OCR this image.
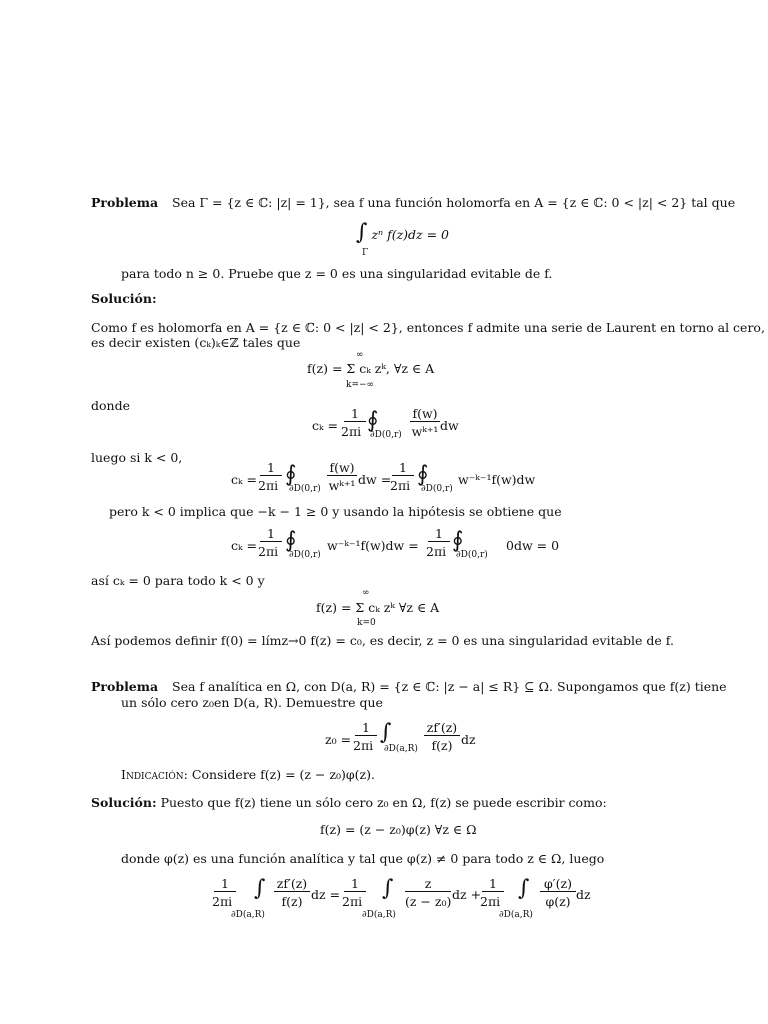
Problema Sea Γ = {z ∈ ℂ: |z| = 1}, sea f una función holomorfa en A = {z ∈ ℂ: 0 < |z| < 2} tal que
∫ zⁿ f(z)dz = 0
Γ
para todo n ≥ 0. Pruebe que z = 0 es una singularidad evitable de f.
Solución:
Como f es holomorfa en A = {z ∈ ℂ: 0 < |z| < 2}, entonces f admite una serie de Laurent en torno al cero,
es decir existen (cₖ)ₖ∈ℤ tales que
∞
f(z) = Σ cₖ zᵏ, ∀z ∈ A
k=−∞
donde
cₖ =
1
2πi ∮
∂D(0,r)
f(w)
wᵏ⁺¹ dw
luego si k < 0,
cₖ =
1
2πi ∮
∂D(0,r)
f(w)
wᵏ⁺¹ dw =
1
2πi ∮
∂D(0,r)
w⁻ᵏ⁻¹f(w)dw
pero k < 0 implica que −k − 1 ≥ 0 y usando la hipótesis se obtiene que
cₖ =
1
2πi ∮
∂D(0,r)
w⁻ᵏ⁻¹f(w)dw =
1
2πi ∮
∂D(0,r)
0dw = 0
así cₖ = 0 para todo k < 0 y
∞
f(z) = Σ cₖ zᵏ ∀z ∈ A
k=0
Así podemos definir f(0) = límz→0 f(z) = c₀, es decir, z = 0 es una singularidad evitable de f.
Problema Sea f analítica en Ω, con D(a, R) = {z ∈ ℂ: |z − a| ≤ R} ⊆ Ω. Supongamos que f(z) tiene
un sólo cero z₀en D(a, R). Demuestre que
z₀ =
1
2πi
∫
∂D(a,R)
zf′(z)
f(z) dz
Indicación: Considere f(z) = (z − z₀)φ(z).
Solución: Puesto que f(z) tiene un sólo cero z₀ en Ω, f(z) se puede escribir como:
f(z) = (z − z₀)φ(z) ∀z ∈ Ω
donde φ(z) es una función analítica y tal que φ(z) ≠ 0 para todo z ∈ Ω, luego
1
2πi
∫
∂D(a,R)
zf′(z)
f(z) dz =
1
2πi
∫
∂D(a,R)
z
(z − z₀) dz +
1
2πi
∫
∂D(a,R)
φ′(z)
φ(z) dz
